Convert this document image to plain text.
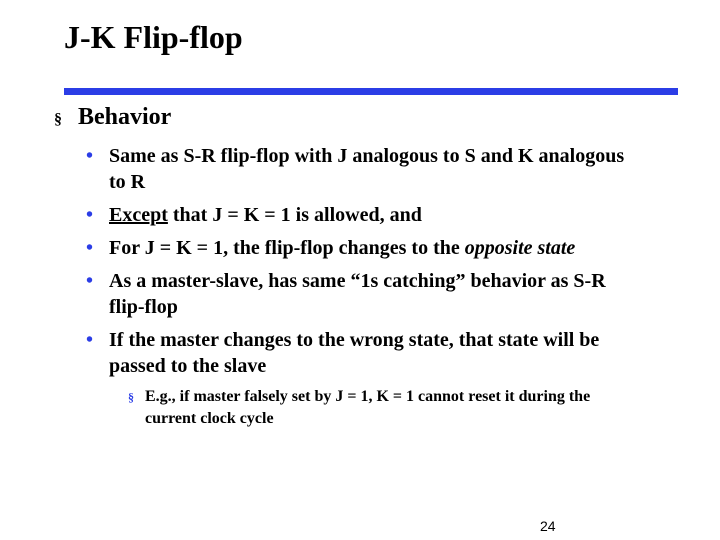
J-K Flip-flop
§ Behavior
• Same as S-R flip-flop with J analogous to S and K analogous to R
• Except that J = K = 1 is allowed, and
• For J = K = 1, the flip-flop changes to the opposite state
• As a master-slave, has same “1s catching” behavior as S-R flip-flop
• If the master changes to the wrong state, that state will be passed to the slave
§ E.g., if master falsely set by J = 1, K = 1 cannot reset it during the current clock cycle
24
